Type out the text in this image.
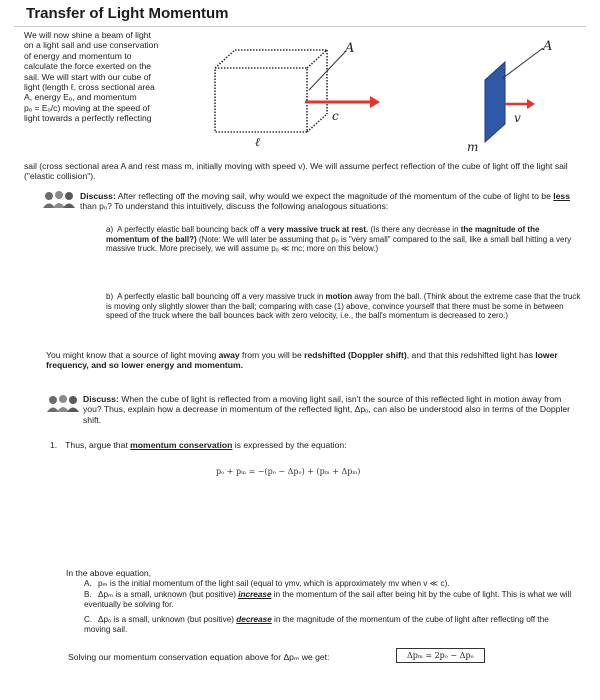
Transfer of Light Momentum
We will now shine a beam of light
on a light sail and use conservation
of energy and momentum to
calculate the force exerted on the
sail. We will start with our cube of
light (length ℓ, cross sectional area
A, energy Eₒ, and momentum
pₒ = Eₒ/c) moving at the speed of
light towards a perfectly reflecting
A
c
ℓ
A
v
m
sail (cross sectional area A and rest mass m, initially moving with speed v). We will assume perfect reflection of the cube of light off the light sail ("elastic collision").
Discuss: After reflecting off the moving sail, why would we expect the magnitude of the momentum of the cube of light to be less than pₒ? To understand this intuitively, discuss the following analogous situations:
a) A perfectly elastic ball bouncing back off a very massive truck at rest. (Is there any decrease in the magnitude of the momentum of the ball?) (Note: We will later be assuming that pₒ is "very small" compared to the sail, like a small ball hitting a very massive truck. More precisely, we will assume pₒ ≪ mc; more on this below.)
b) A perfectly elastic ball bouncing off a very massive truck in motion away from the ball. (Think about the extreme case that the truck is moving only slightly slower than the ball; comparing with case (1) above, convince yourself that there must be some in between speed of the truck where the ball bounces back with zero velocity, i.e., the ball's momentum is decreased to zero.)
You might know that a source of light moving away from you will be redshifted (Doppler shift), and that this redshifted light has lower frequency, and so lower energy and momentum.
Discuss: When the cube of light is reflected from a moving light sail, isn't the source of this reflected light in motion away from you? Thus, explain how a decrease in momentum of the reflected light, Δpₒ, can also be understood also in terms of the Doppler shift.
1. Thus, argue that momentum conservation is expressed by the equation:
pₒ + pₘ = −(pₒ − Δpₒ) + (pₘ + Δpₘ)
In the above equation,
A. pₘ is the initial momentum of the light sail (equal to γmv, which is approximately mv when v ≪ c).
B. Δpₘ is a small, unknown (but positive) increase in the momentum of the sail after being hit by the cube of light. This is what we will eventually be solving for.
C. Δpₒ is a small, unknown (but positive) decrease in the magnitude of the momentum of the cube of light after reflecting off the moving sail.
Solving our momentum conservation equation above for Δpₘ we get:	Δpₘ = 2pₒ − Δpₒ
